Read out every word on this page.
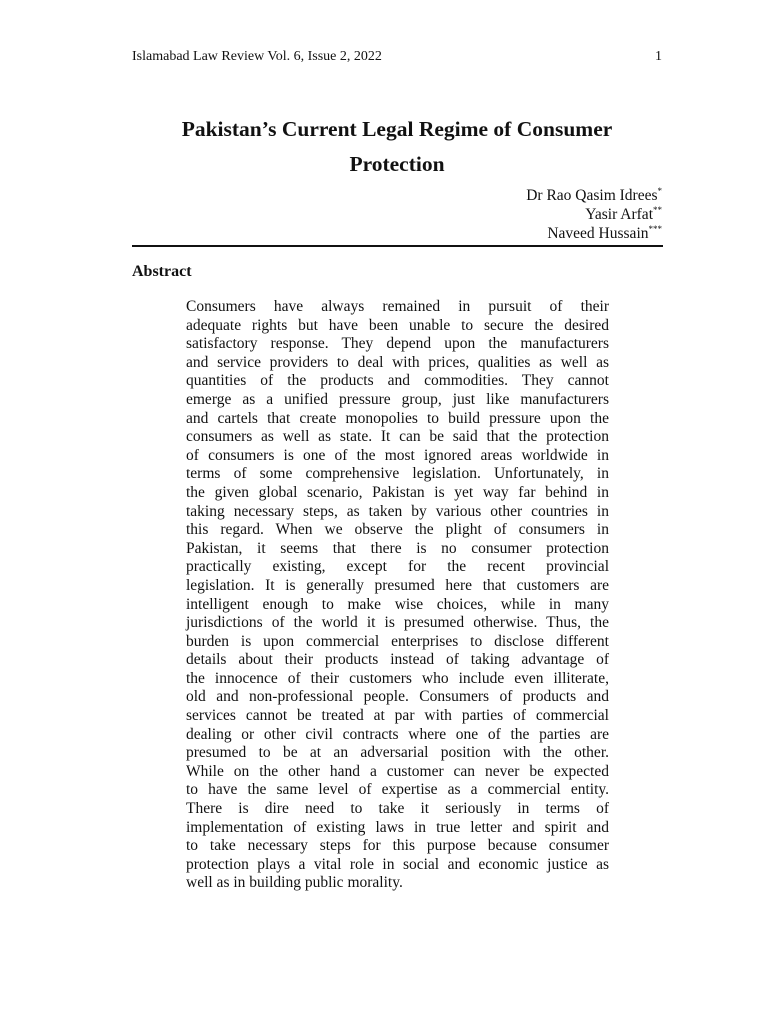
Islamabad Law Review Vol. 6, Issue 2, 2022	1
Pakistan’s Current Legal Regime of Consumer
Protection
Dr Rao Qasim Idrees*
Yasir Arfat**
Naveed Hussain***
Abstract
Consumers have always remained in pursuit of their
adequate rights but have been unable to secure the desired
satisfactory response. They depend upon the manufacturers
and service providers to deal with prices, qualities as well as
quantities of the products and commodities. They cannot
emerge as a unified pressure group, just like manufacturers
and cartels that create monopolies to build pressure upon the
consumers as well as state. It can be said that the protection
of consumers is one of the most ignored areas worldwide in
terms of some comprehensive legislation. Unfortunately, in
the given global scenario, Pakistan is yet way far behind in
taking necessary steps, as taken by various other countries in
this regard. When we observe the plight of consumers in
Pakistan, it seems that there is no consumer protection
practically existing, except for the recent provincial
legislation. It is generally presumed here that customers are
intelligent enough to make wise choices, while in many
jurisdictions of the world it is presumed otherwise. Thus, the
burden is upon commercial enterprises to disclose different
details about their products instead of taking advantage of
the innocence of their customers who include even illiterate,
old and non-professional people. Consumers of products and
services cannot be treated at par with parties of commercial
dealing or other civil contracts where one of the parties are
presumed to be at an adversarial position with the other.
While on the other hand a customer can never be expected
to have the same level of expertise as a commercial entity.
There is dire need to take it seriously in terms of
implementation of existing laws in true letter and spirit and
to take necessary steps for this purpose because consumer
protection plays a vital role in social and economic justice as
well as in building public morality.
